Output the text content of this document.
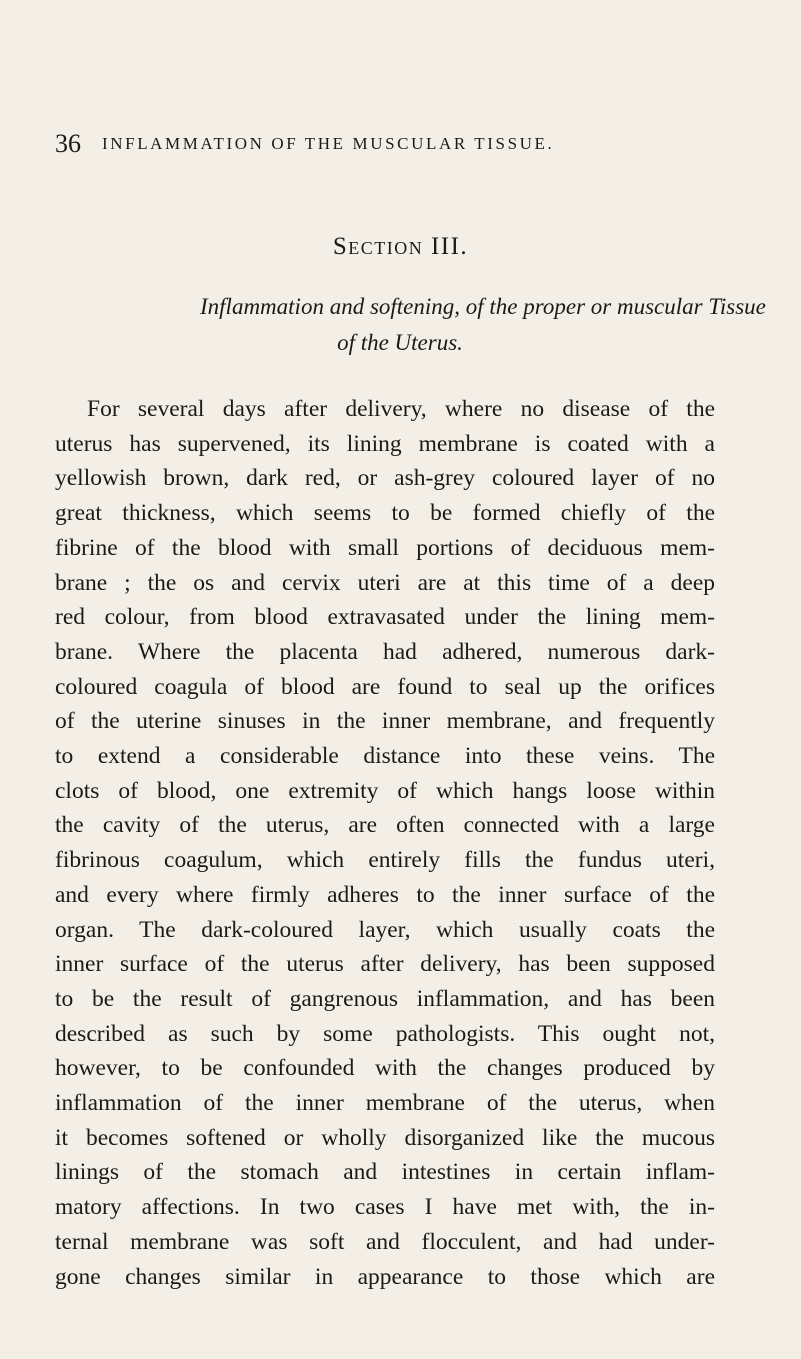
36 INFLAMMATION OF THE MUSCULAR TISSUE.
Section III.
Inflammation and softening, of the proper or muscular Tissue
of the Uterus.
For several days after delivery, where no disease of the
uterus has supervened, its lining membrane is coated with a
yellowish brown, dark red, or ash-grey coloured layer of no
great thickness, which seems to be formed chiefly of the
fibrine of the blood with small portions of deciduous mem-
brane ; the os and cervix uteri are at this time of a deep
red colour, from blood extravasated under the lining mem-
brane. Where the placenta had adhered, numerous dark-
coloured coagula of blood are found to seal up the orifices
of the uterine sinuses in the inner membrane, and frequently
to extend a considerable distance into these veins. The
clots of blood, one extremity of which hangs loose within
the cavity of the uterus, are often connected with a large
fibrinous coagulum, which entirely fills the fundus uteri,
and every where firmly adheres to the inner surface of the
organ. The dark-coloured layer, which usually coats the
inner surface of the uterus after delivery, has been supposed
to be the result of gangrenous inflammation, and has been
described as such by some pathologists. This ought not,
however, to be confounded with the changes produced by
inflammation of the inner membrane of the uterus, when
it becomes softened or wholly disorganized like the mucous
linings of the stomach and intestines in certain inflam-
matory affections. In two cases I have met with, the in-
ternal membrane was soft and flocculent, and had under-
gone changes similar in appearance to those which are
